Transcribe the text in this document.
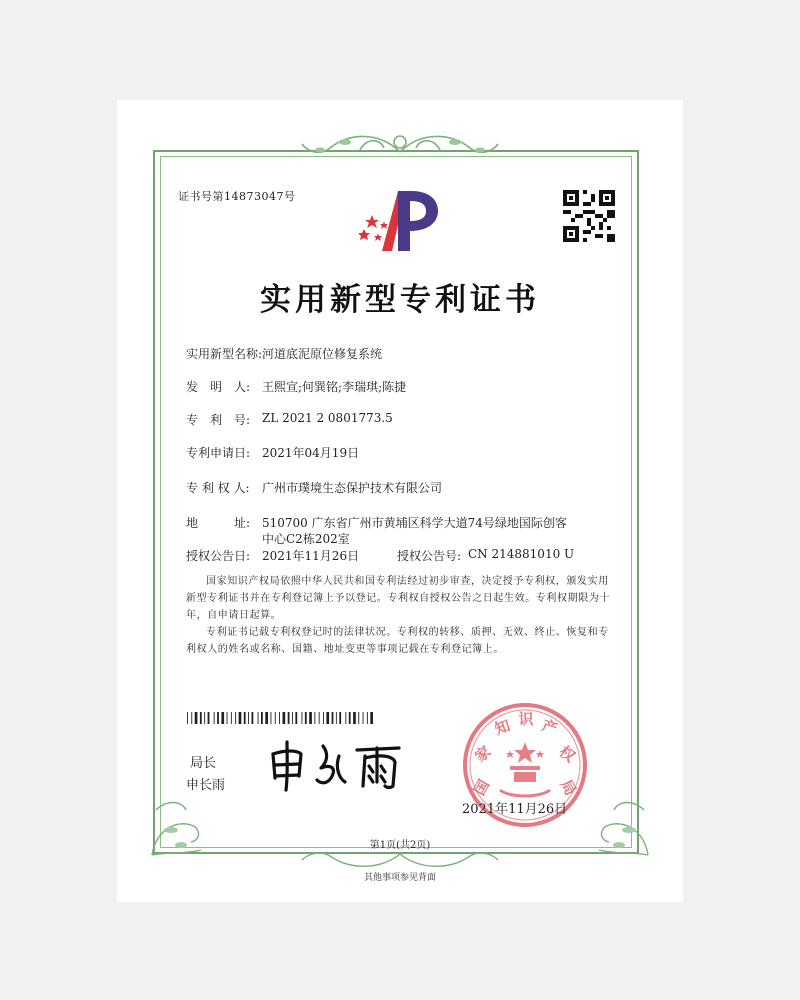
证书号第14873047号
实用新型专利证书
实用新型名称: 河道底泥原位修复系统
发　明　人: 王熙宣;何巽铭;李瑞琪;陈捷
专　利　号: ZL 2021 2 0801773.5
专利申请日: 2021年04月19日
专 利 权 人: 广州市璞境生态保护技术有限公司
地　　　址: 510700 广东省广州市黄埔区科学大道74号绿地国际创客
中心C2栋202室
授权公告日: 2021年11月26日	授权公告号: CN 214881010 U
国家知识产权局依照中华人民共和国专利法经过初步审查，决定授予专利权，颁发实用新型专利证书并在专利登记簿上予以登记。专利权自授权公告之日起生效。专利权期限为十年，自申请日起算。
专利证书记载专利权登记时的法律状况。专利权的转移、质押、无效、终止、恢复和专利权人的姓名或名称、国籍、地址变更等事项记载在专利登记簿上。
局长
申长雨	国
家
知 识 产
权
局
2021年11月26日
第1页(共2页)
其他事项参见背面
